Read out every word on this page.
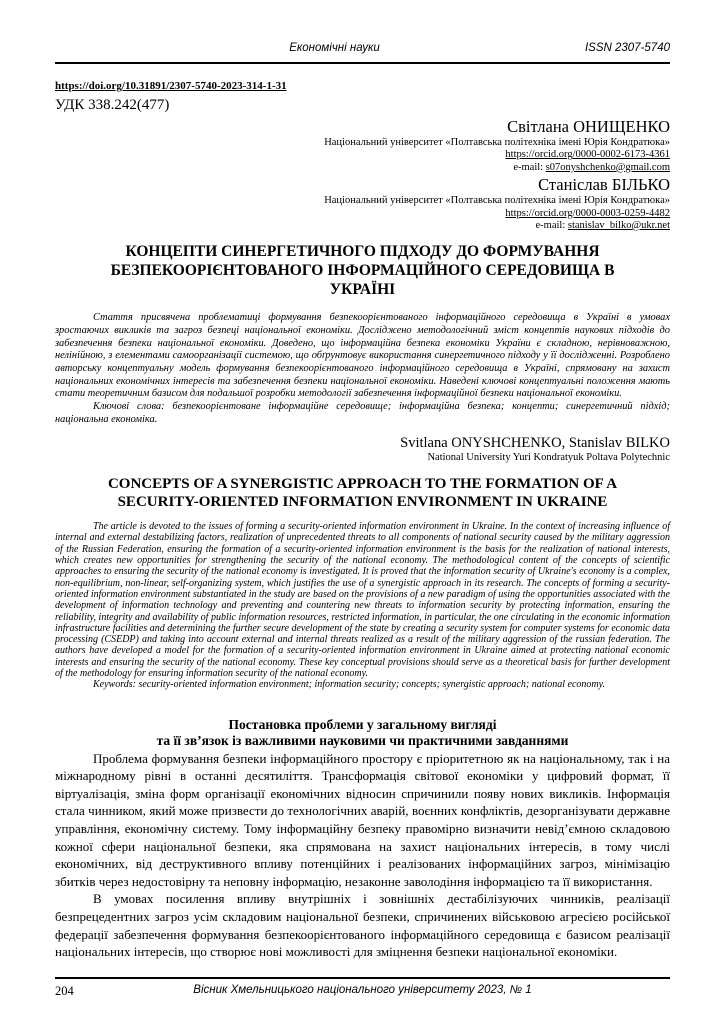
Економічні науки	ISSN 2307-5740
https://doi.org/10.31891/2307-5740-2023-314-1-31
УДК 338.242(477)
Світлана ОНИЩЕНКО
Національний університет «Полтавська політехніка імені Юрія Кондратюка»
https://orcid.org/0000-0002-6173-4361
e-mail: s07onyshchenko@gmail.com
Станіслав БІЛЬКО
Національний університет «Полтавська політехніка імені Юрія Кондратюка»
https://orcid.org/0000-0003-0259-4482
e-mail: stanislav_bilko@ukr.net
КОНЦЕПТИ СИНЕРГЕТИЧНОГО ПІДХОДУ ДО ФОРМУВАННЯ БЕЗПЕКООРІЄНТОВАНОГО ІНФОРМАЦІЙНОГО СЕРЕДОВИЩА В УКРАЇНІ

Стаття присвячена проблематиці формування безпекоорієнтованого інформаційного середовища в Україні в умовах зростаючих викликів та загроз безпеці національної економіки. Досліджено методологічний зміст концептів наукових підходів до забезпечення безпеки національної економіки. Доведено, що інформаційна безпека економіки України є складною, нерівноважною, нелінійною, з елементами самоорганізації системою, що обґрунтовує використання синергетичного підходу у її дослідженні. Розроблено авторську концептуальну модель формування безпекоорієнтованого інформаційного середовища в Україні, спрямовану на захист національних економічних інтересів та забезпечення безпеки національної економіки. Наведені ключові концептуальні положення мають стати теоретичним базисом для подальшої розробки методології забезпечення інформаційної безпеки національної економіки.

Ключові слова: безпекоорієнтоване інформаційне середовище; інформаційна безпека; концепти; синергетичний підхід; національна економіка.

Svitlana ONYSHCHENKO, Stanislav BILKO
National University Yuri Kondratyuk Poltava Polytechnic
CONCEPTS OF A SYNERGISTIC APPROACH TO THE FORMATION OF A SECURITY-ORIENTED INFORMATION ENVIRONMENT IN UKRAINE

The article is devoted to the issues of forming a security-oriented information environment in Ukraine. In the context of increasing influence of internal and external destabilizing factors, realization of unprecedented threats to all components of national security caused by the military aggression of the Russian Federation, ensuring the formation of a security-oriented information environment is the basis for the realization of national interests, which creates new opportunities for strengthening the security of the national economy. The methodological content of the concepts of scientific approaches to ensuring the security of the national economy is investigated. It is proved that the information security of Ukraine's economy is a complex, non-equilibrium, non-linear, self-organizing system, which justifies the use of a synergistic approach in its research. The concepts of forming a security-oriented information environment substantiated in the study are based on the provisions of a new paradigm of using the opportunities associated with the development of information technology and preventing and countering new threats to information security by protecting information, ensuring the reliability, integrity and availability of public information resources, restricted information, in particular, the one circulating in the economic information infrastructure facilities and determining the further secure development of the state by creating a security system for computer systems for economic data processing (CSEDP) and taking into account external and internal threats realized as a result of the military aggression of the russian federation. The authors have developed a model for the formation of a security-oriented information environment in Ukraine aimed at protecting national economic interests and ensuring the security of the national economy. These key conceptual provisions should serve as a theoretical basis for further development of the methodology for ensuring information security of the national economy.

Keywords: security-oriented information environment; information security; concepts; synergistic approach; national economy.

Постановка проблеми у загальному вигляді
та її зв’язок із важливими науковими чи практичними завданнями

Проблема формування безпеки інформаційного простору є пріоритетною як на національному, так і на міжнародному рівні в останні десятиліття. Трансформація світової економіки у цифровий формат, її віртуалізація, зміна форм організації економічних відносин спричинили появу нових викликів. Інформація стала чинником, який може призвести до технологічних аварій, воєнних конфліктів, дезорганізувати державне управління, економічну систему. Тому інформаційну безпеку правомірно визначити невід’ємною складовою кожної сфери національної безпеки, яка спрямована на захист національних інтересів, в тому числі економічних, від деструктивного впливу потенційних і реалізованих інформаційних загроз, мінімізацію збитків через недостовірну та неповну інформацію, незаконне заволодіння інформацією та її використання.

В умовах посилення впливу внутрішніх і зовнішніх дестабілізуючих чинників, реалізації безпрецедентних загроз усім складовим національної безпеки, спричинених військовою агресією російської федерації забезпечення формування безпекоорієнтованого інформаційного середовища є базисом реалізації національних інтересів, що створює нові можливості для зміцнення безпеки національної економіки.

204	Вісник Хмельницького національного університету 2023, № 1
